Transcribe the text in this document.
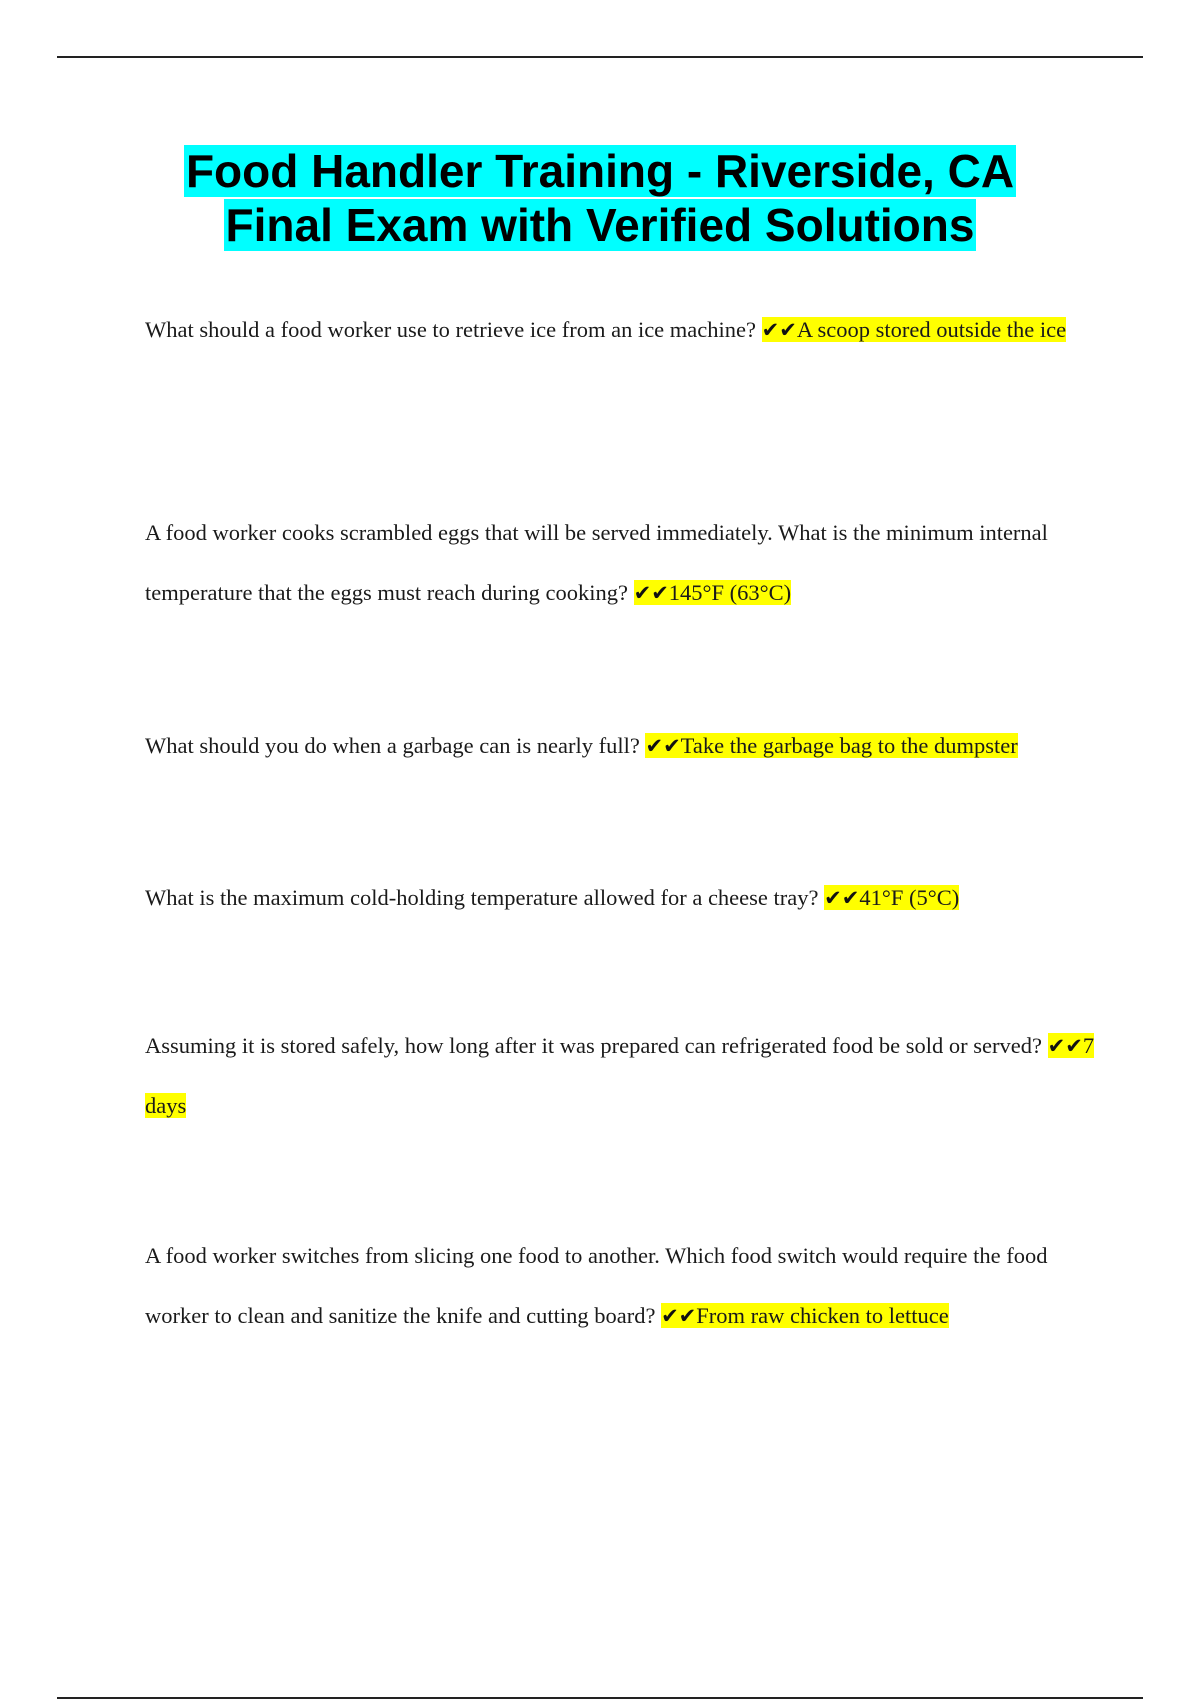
Food Handler Training - Riverside, CA
Final Exam with Verified Solutions
What should a food worker use to retrieve ice from an ice machine? ✔✔A scoop stored outside the ice
A food worker cooks scrambled eggs that will be served immediately. What is the minimum internal temperature that the eggs must reach during cooking? ✔✔145°F (63°C)
What should you do when a garbage can is nearly full? ✔✔Take the garbage bag to the dumpster
What is the maximum cold-holding temperature allowed for a cheese tray? ✔✔41°F (5°C)
Assuming it is stored safely, how long after it was prepared can refrigerated food be sold or served? ✔✔7 days
A food worker switches from slicing one food to another. Which food switch would require the food worker to clean and sanitize the knife and cutting board? ✔✔From raw chicken to lettuce
